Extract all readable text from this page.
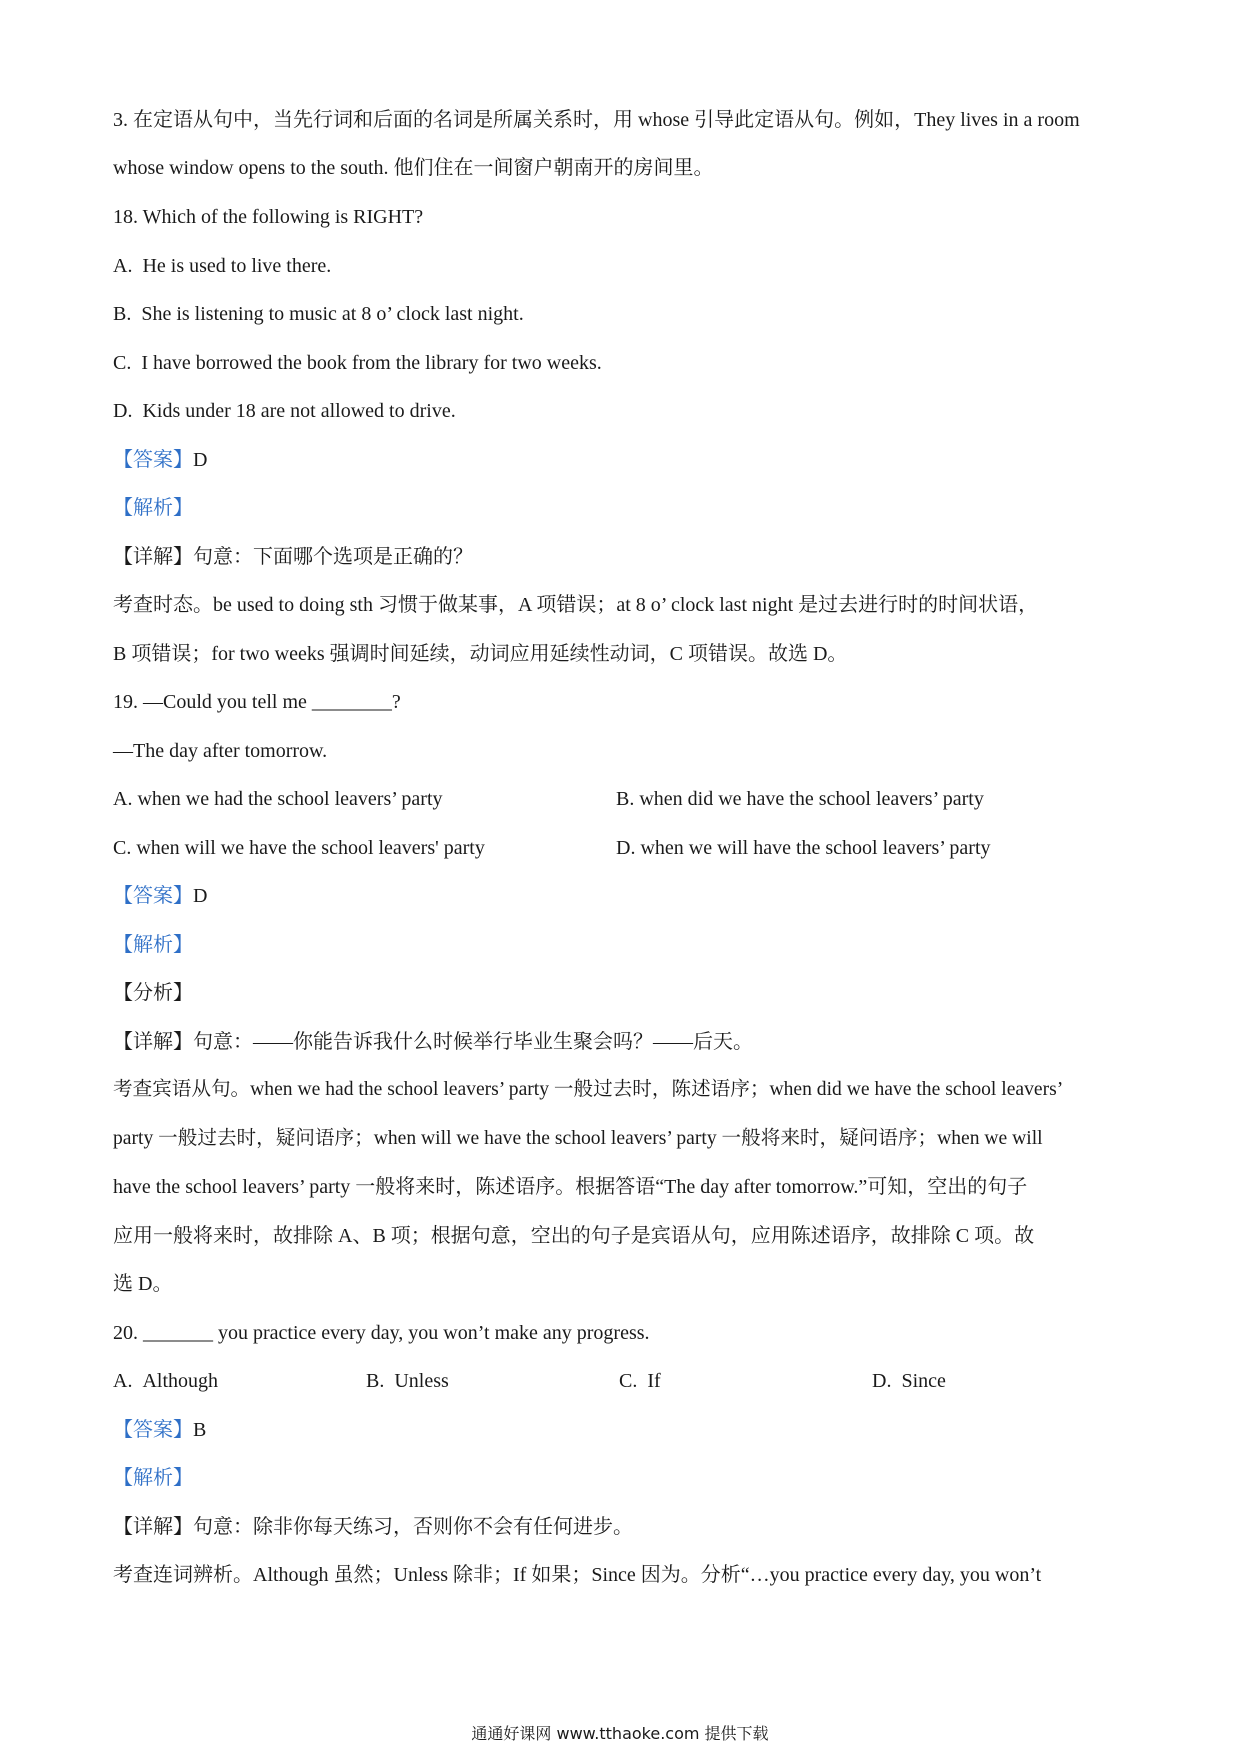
3. 在定语从句中，当先行词和后面的名词是所属关系时，用 whose 引导此定语从句。例如，They lives in a room
whose window opens to the south. 他们住在一间窗户朝南开的房间里。
18. Which of the following is RIGHT?
A.  He is used to live there.
B.  She is listening to music at 8 o’ clock last night.
C.  I have borrowed the book from the library for two weeks.
D.  Kids under 18 are not allowed to drive.
【答案】D
【解析】
【详解】句意：下面哪个选项是正确的？
考查时态。be used to doing sth 习惯于做某事，A 项错误；at 8 o’ clock last night 是过去进行时的时间状语，
B 项错误；for two weeks 强调时间延续，动词应用延续性动词，C 项错误。故选 D。
19. —Could you tell me ________?
—The day after tomorrow.
A. when we had the school leavers’ party	B. when did we have the school leavers’ party
C. when will we have the school leavers' party	D. when we will have the school leavers’ party
【答案】D
【解析】
【分析】
【详解】句意：——你能告诉我什么时候举行毕业生聚会吗？——后天。
考查宾语从句。when we had the school leavers’ party 一般过去时，陈述语序；when did we have the school leavers’
party 一般过去时，疑问语序；when will we have the school leavers’ party 一般将来时，疑问语序；when we will
have the school leavers’ party 一般将来时，陈述语序。根据答语“The day after tomorrow.”可知，空出的句子
应用一般将来时，故排除 A、B 项；根据句意，空出的句子是宾语从句，应用陈述语序，故排除 C 项。故
选 D。
20. _______ you practice every day, you won’t make any progress.
A.  Although	B.  Unless	C.  If	D.  Since
【答案】B
【解析】
【详解】句意：除非你每天练习，否则你不会有任何进步。
考查连词辨析。Although 虽然；Unless 除非；If 如果；Since 因为。分析“…you practice every day, you won’t
通通好课网 www.tthaoke.com 提供下载
